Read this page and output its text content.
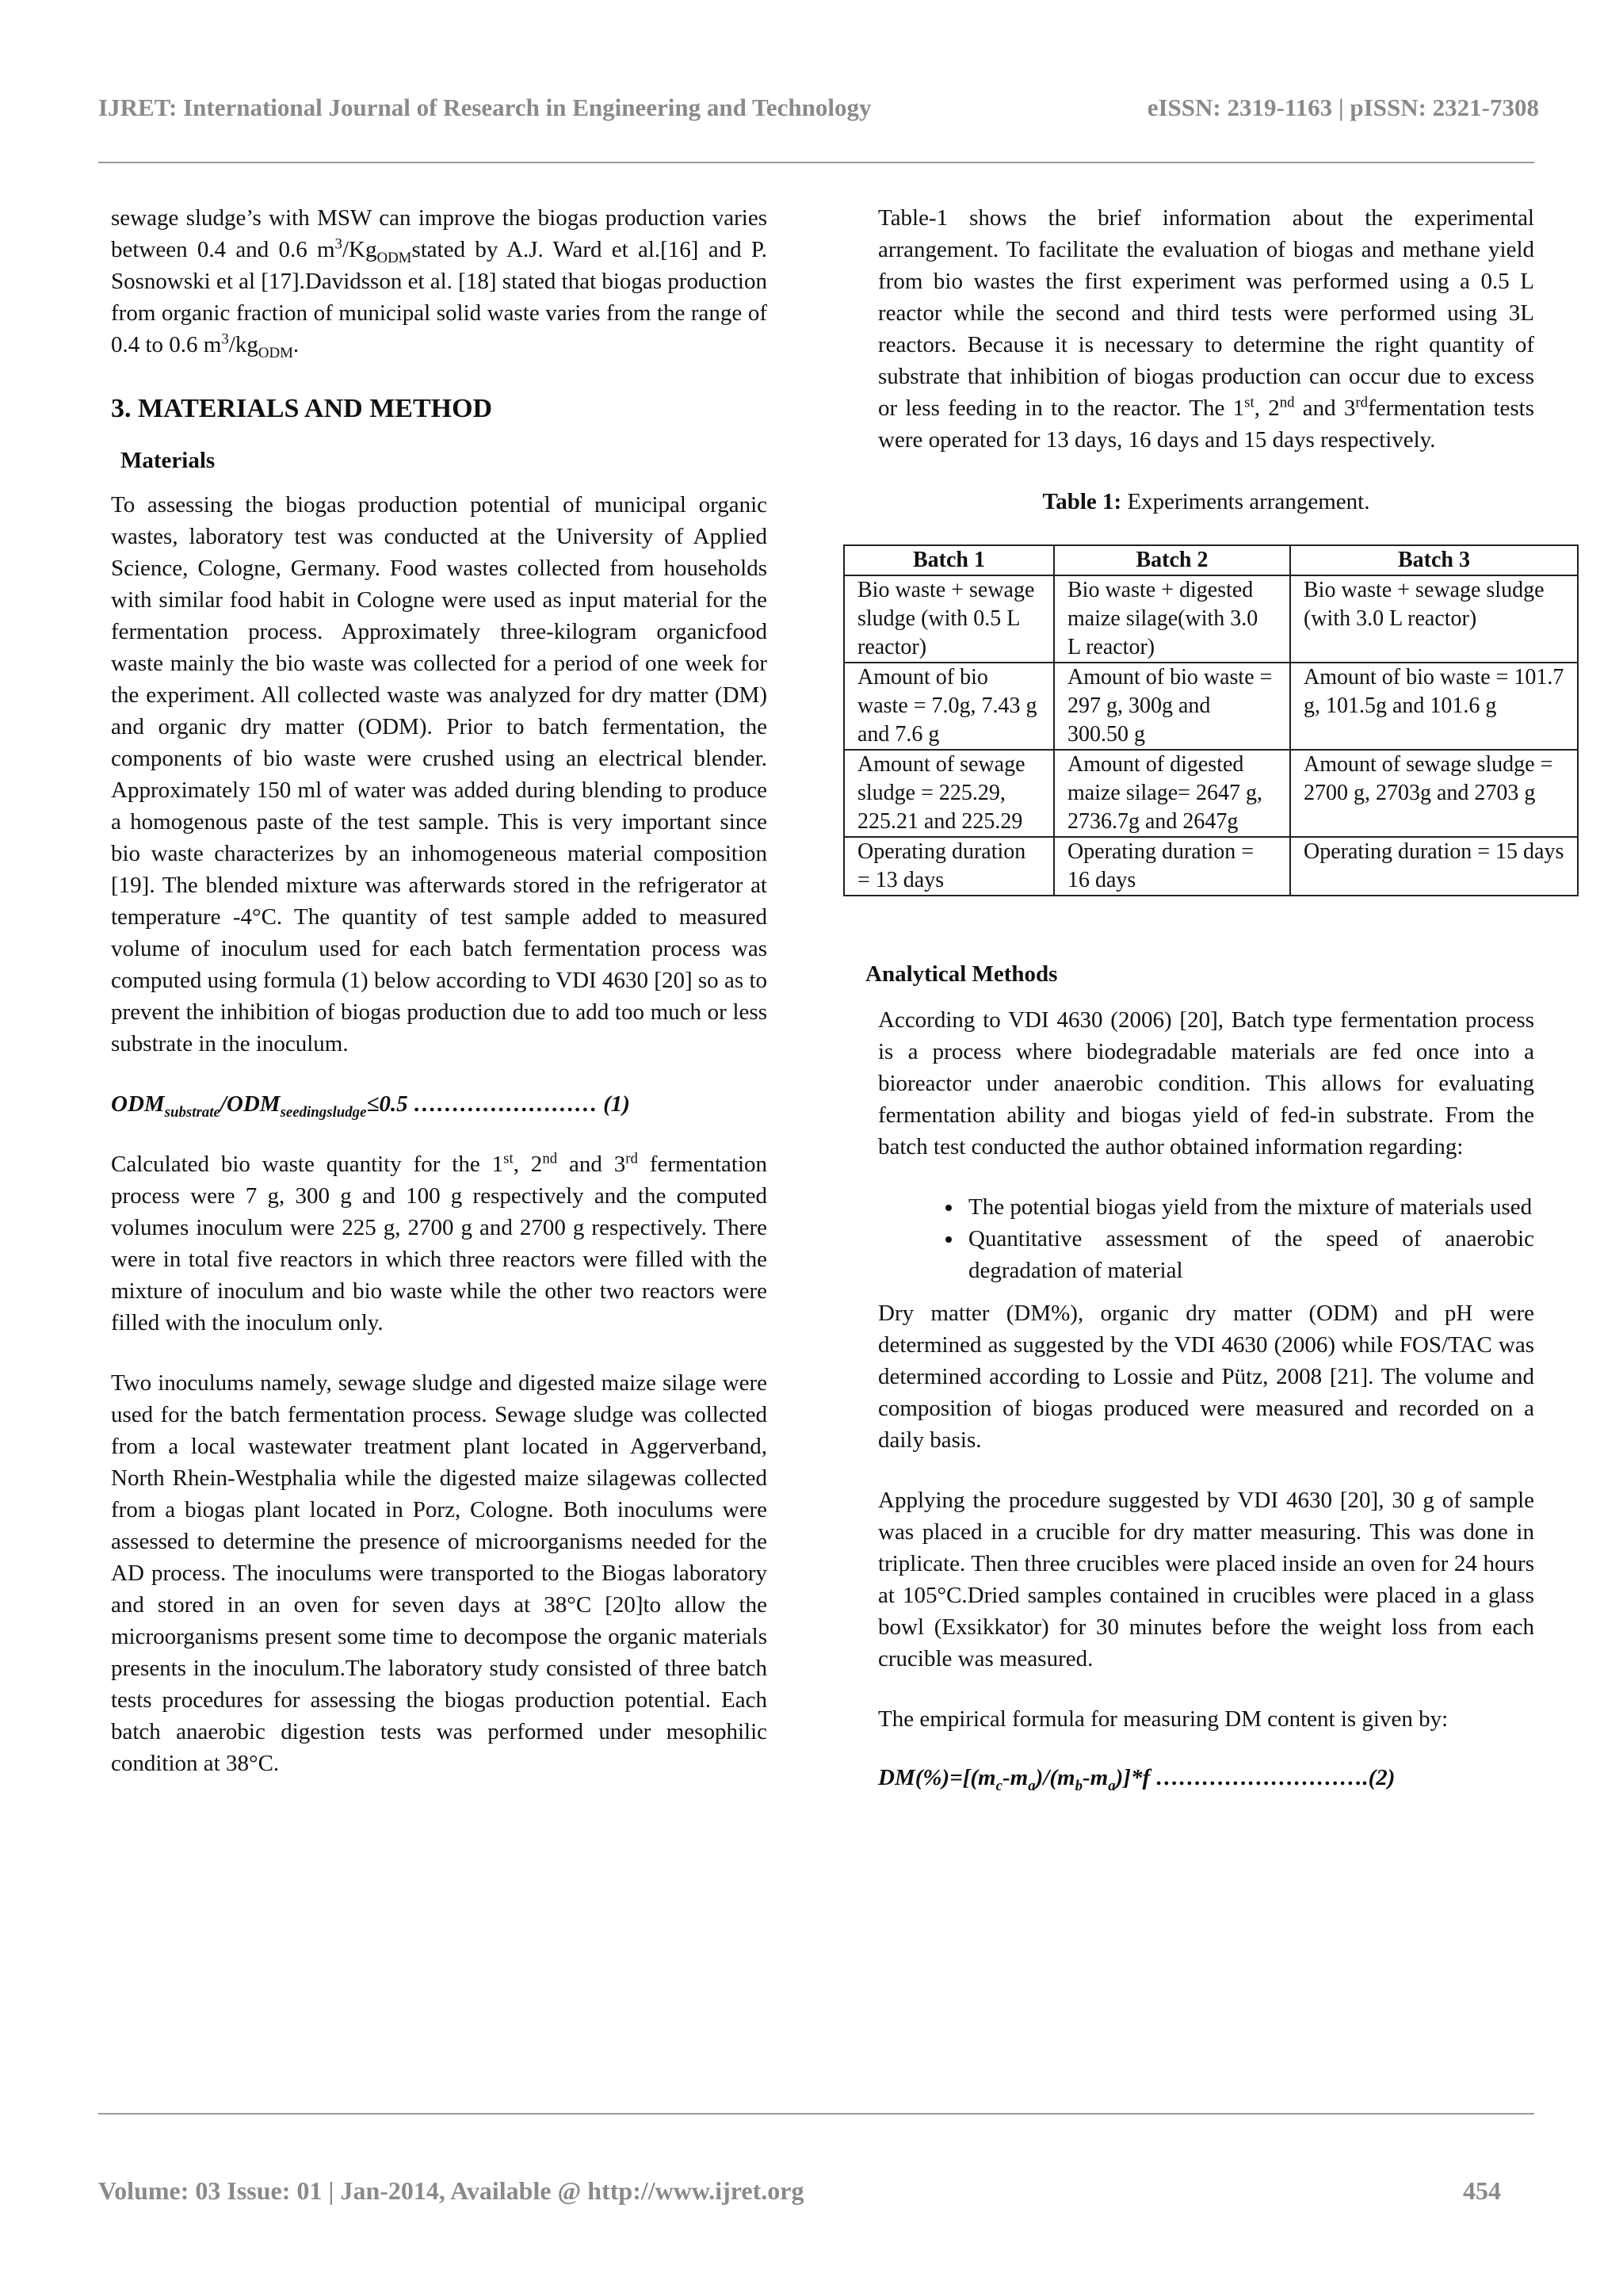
IJRET: International Journal of Research in Engineering and Technology	eISSN: 2319-1163 | pISSN: 2321-7308

sewage sludge’s with MSW can improve the biogas production varies between 0.4 and 0.6 $m^3/Kg_{ODM}stated$ by A.J. Ward et al.[16] and P. Sosnowski et al [17].Davidsson et al. [18] stated that biogas production from organic fraction of municipal solid waste varies from the range of 0.4 to 0.6 $m^3/kg_{ODM}$.

3. MATERIALS AND METHOD
Materials

To assessing the biogas production potential of municipal organic wastes, laboratory test was conducted at the University of Applied Science, Cologne, Germany. Food wastes collected from households with similar food habit in Cologne were used as input material for the fermentation process. Approximately three-kilogram organicfood waste mainly the bio waste was collected for a period of one week for the experiment. All collected waste was analyzed for dry matter (DM) and organic dry matter (ODM). Prior to batch fermentation, the components of bio waste were crushed using an electrical blender. Approximately 150 ml of water was added during blending to produce a homogenous paste of the test sample. This is very important since bio waste characterizes by an inhomogeneous material composition [19]. The blended mixture was afterwards stored in the refrigerator at temperature -4°C. The quantity of test sample added to measured volume of inoculum used for each batch fermentation process was computed using formula (1) below according to VDI 4630 [20] so as to prevent the inhibition of biogas production due to add too much or less substrate in the inoculum.

$ODM_{substrate}/ODM_{seedingsludge}\le 0.5$ …………………… (1)

Calculated bio waste quantity for the 1st, 2nd and 3rd fermentation process were 7 g, 300 g and 100 g respectively and the computed volumes inoculum were 225 g, 2700 g and 2700 g respectively. There were in total five reactors in which three reactors were filled with the mixture of inoculum and bio waste while the other two reactors were filled with the inoculum only.

Two inoculums namely, sewage sludge and digested maize silage were used for the batch fermentation process. Sewage sludge was collected from a local wastewater treatment plant located in Aggerverband, North Rhein-Westphalia while the digested maize silagewas collected from a biogas plant located in Porz, Cologne. Both inoculums were assessed to determine the presence of microorganisms needed for the AD process. The inoculums were transported to the Biogas laboratory and stored in an oven for seven days at 38°C [20]to allow the microorganisms present some time to decompose the organic materials presents in the inoculum.The laboratory study consisted of three batch tests procedures for assessing the biogas production potential. Each batch anaerobic digestion tests was performed under mesophilic condition at 38°C.

Table-1 shows the brief information about the experimental arrangement. To facilitate the evaluation of biogas and methane yield from bio wastes the first experiment was performed using a 0.5 L reactor while the second and third tests were performed using 3L reactors. Because it is necessary to determine the right quantity of substrate that inhibition of biogas production can occur due to excess or less feeding in to the reactor. The 1st, 2nd and 3rdfermentation tests were operated for 13 days, 16 days and 15 days respectively.

Table 1: Experiments arrangement.

Batch 1	Batch 2	Batch 3
Bio waste + sewage sludge (with 0.5 L reactor)	Bio waste + digested maize silage(with 3.0 L reactor)	Bio waste + sewage sludge (with 3.0 L reactor)
Amount of bio waste = 7.0g, 7.43 g and 7.6 g	Amount of bio waste = 297 g, 300g and 300.50 g	Amount of bio waste = 101.7 g, 101.5g and 101.6 g
Amount of sewage sludge = 225.29, 225.21 and 225.29	Amount of digested maize silage= 2647 g, 2736.7g and 2647g	Amount of sewage sludge = 2700 g, 2703g and 2703 g
Operating duration = 13 days	Operating duration = 16 days	Operating duration = 15 days

Analytical Methods

According to VDI 4630 (2006) [20], Batch type fermentation process is a process where biodegradable materials are fed once into a bioreactor under anaerobic condition. This allows for evaluating fermentation ability and biogas yield of fed-in substrate. From the batch test conducted the author obtained information regarding:

• The potential biogas yield from the mixture of materials used
• Quantitative assessment of the speed of anaerobic degradation of material

Dry matter (DM%), organic dry matter (ODM) and pH were determined as suggested by the VDI 4630 (2006) while FOS/TAC was determined according to Lossie and Pütz, 2008 [21]. The volume and composition of biogas produced were measured and recorded on a daily basis.

Applying the procedure suggested by VDI 4630 [20], 30 g of sample was placed in a crucible for dry matter measuring. This was done in triplicate. Then three crucibles were placed inside an oven for 24 hours at 105°C.Dried samples contained in crucibles were placed in a glass bowl (Exsikkator) for 30 minutes before the weight loss from each crucible was measured.

The empirical formula for measuring DM content is given by:

$DM(\%)=[(m_c-m_a)/(m_b-m_a)]*f$ ……………………….(2)

Volume: 03 Issue: 01 | Jan-2014, Available @ http://www.ijret.org	454
